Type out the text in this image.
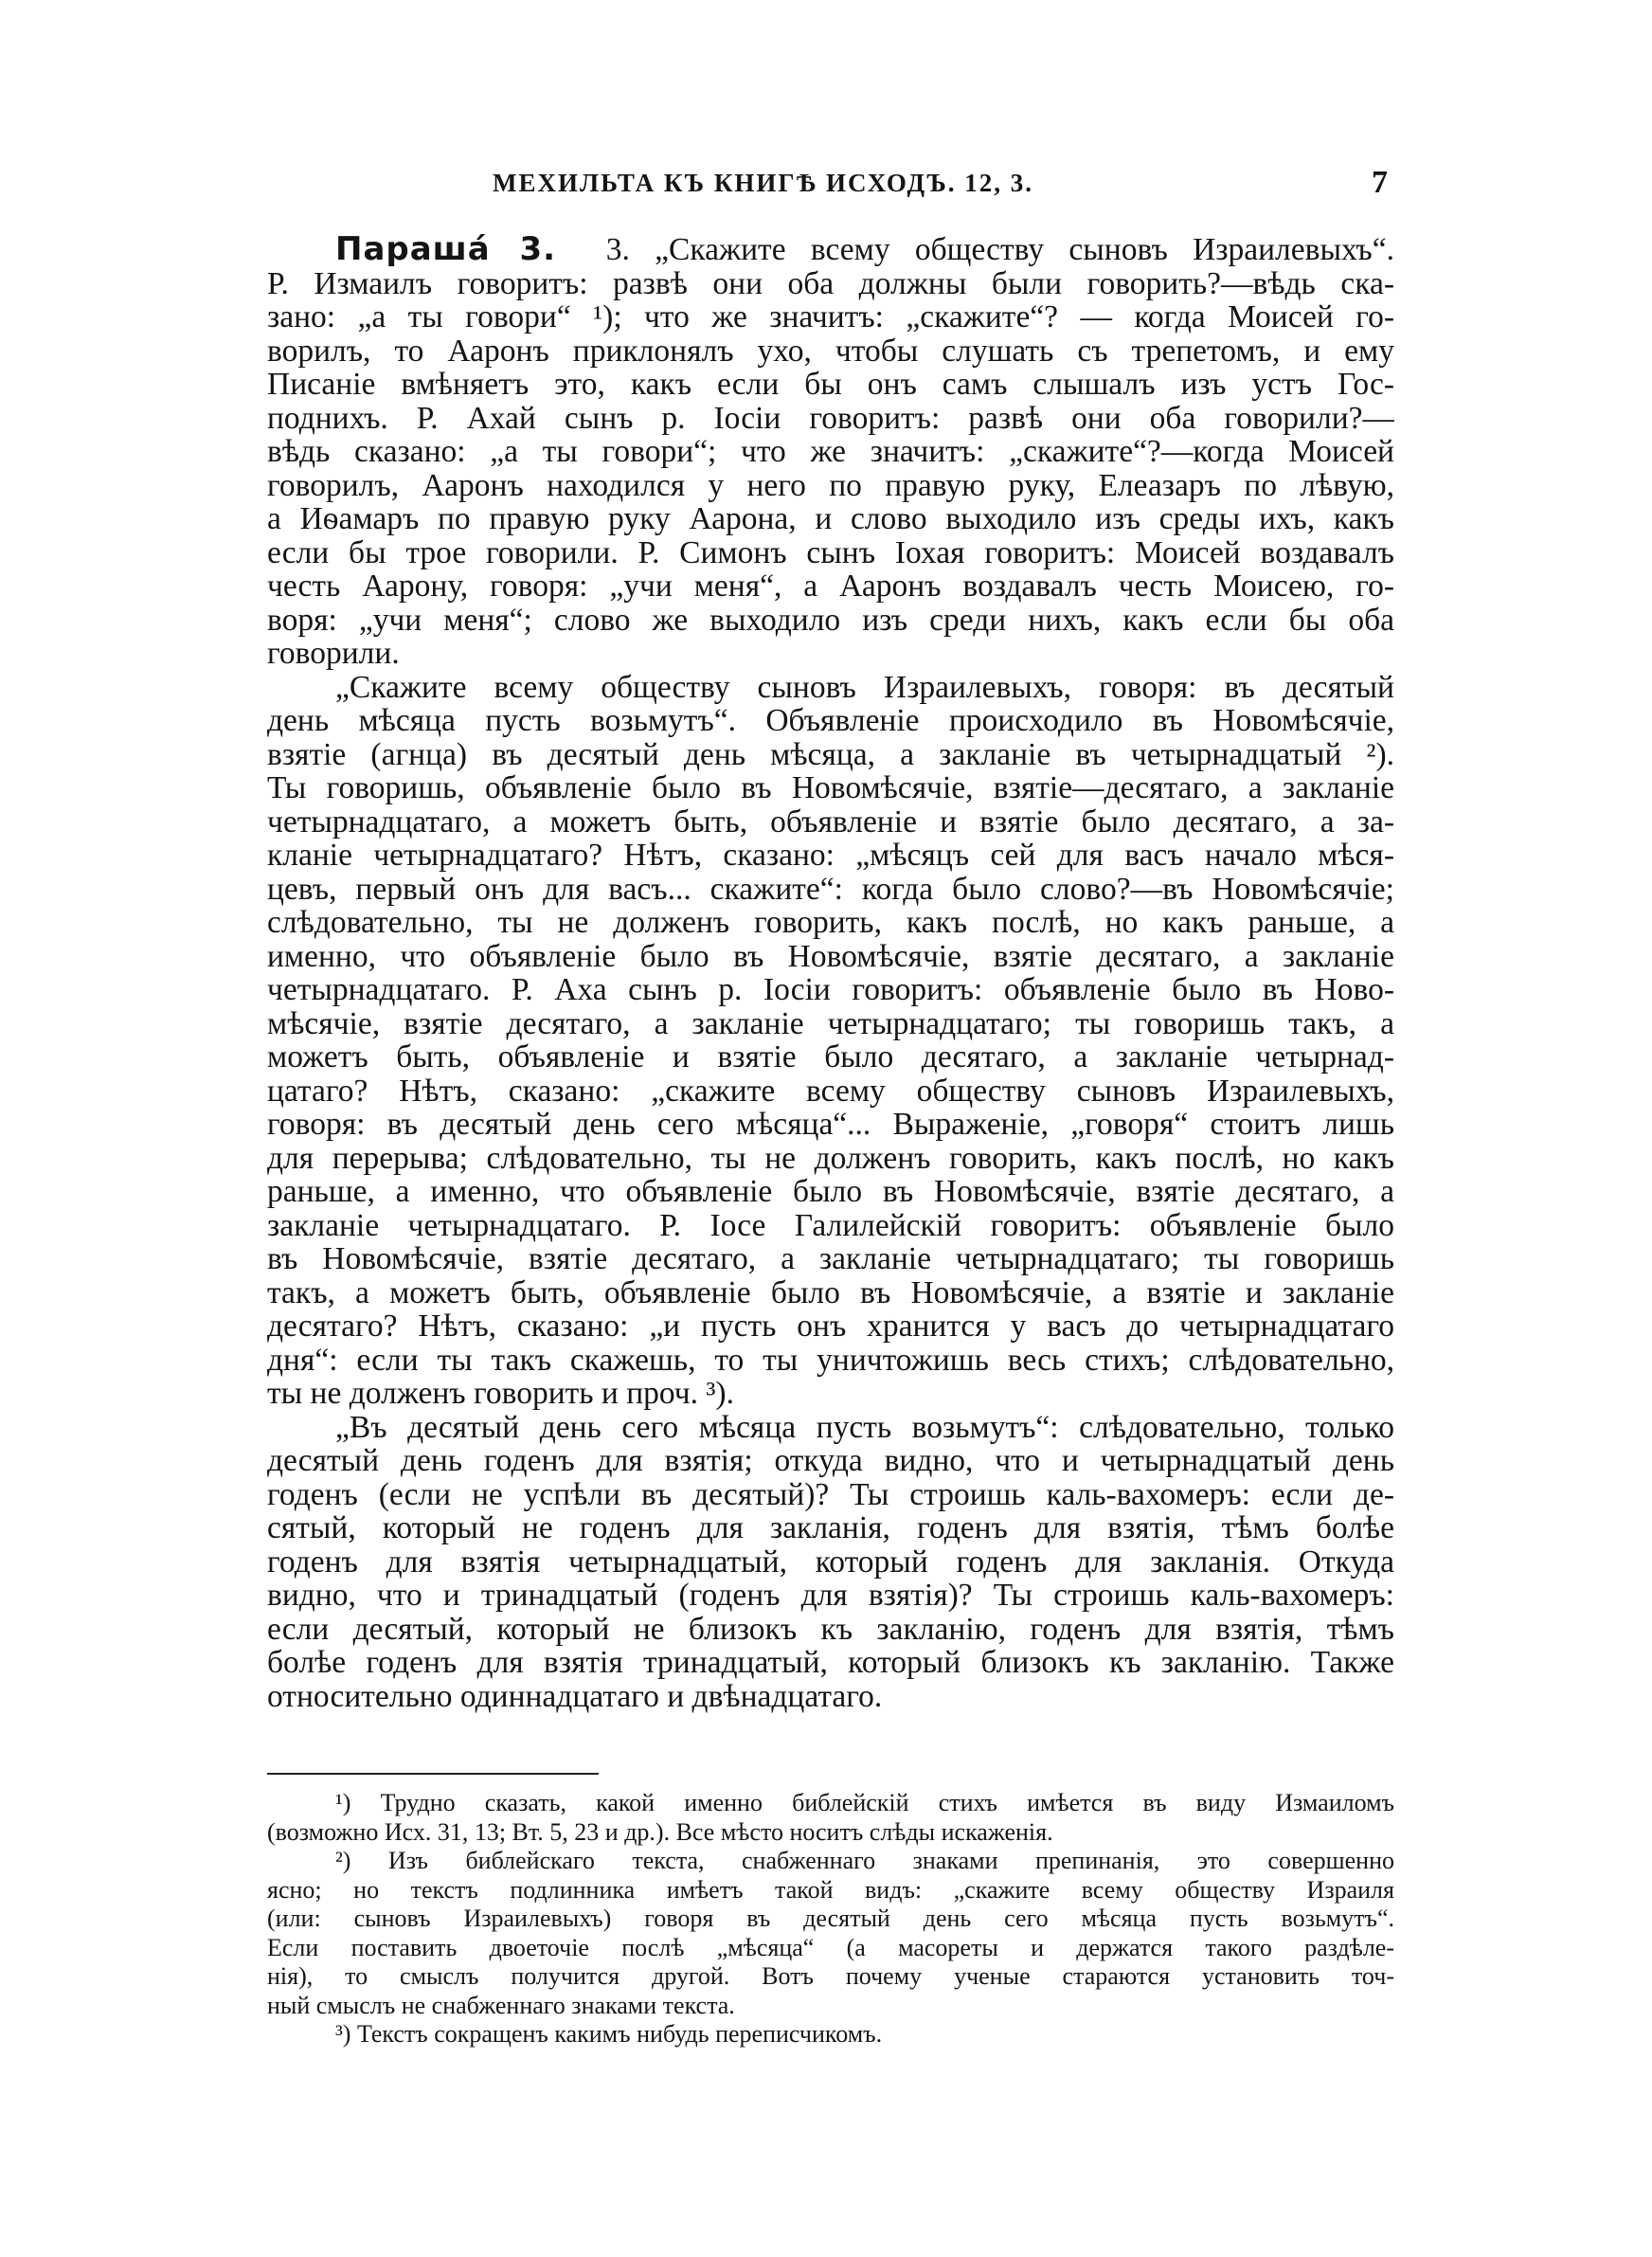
МЕХИЛЬТА КЪ КНИГѢ ИСХОДЪ. 12, 3.	7
Парашá 3. 3. „Скажите всему обществу сыновъ Израилевыхъ“.
Р. Измаилъ говоритъ: развѣ они оба должны были говорить?—вѣдь ска-
зано: „а ты говори“ ¹); что же значитъ: „скажите“? — когда Моисей го-
ворилъ, то Ааронъ приклонялъ ухо, чтобы слушать съ трепетомъ, и ему
Писаніе вмѣняетъ это, какъ если бы онъ самъ слышалъ изъ устъ Гос-
поднихъ. Р. Ахай сынъ р. Іосіи говоритъ: развѣ они оба говорили?—
вѣдь сказано: „а ты говори“; что же значитъ: „скажите“?—когда Моисей
говорилъ, Ааронъ находился у него по правую руку, Елеазаръ по лѣвую,
а Иѳамаръ по правую руку Аарона, и слово выходило изъ среды ихъ, какъ
если бы трое говорили. Р. Симонъ сынъ Іохая говоритъ: Моисей воздавалъ
честь Аарону, говоря: „учи меня“, а Ааронъ воздавалъ честь Моисею, го-
воря: „учи меня“; слово же выходило изъ среди нихъ, какъ если бы оба
говорили.
„Скажите всему обществу сыновъ Израилевыхъ, говоря: въ десятый
день мѣсяца пусть возьмутъ“. Объявленіе происходило въ Новомѣсячіе,
взятіе (агнца) въ десятый день мѣсяца, а закланіе въ четырнадцатый ²).
Ты говоришь, объявленіе было въ Новомѣсячіе, взятіе—десятаго, а закланіе
четырнадцатаго, а можетъ быть, объявленіе и взятіе было десятаго, а за-
кланіе четырнадцатаго? Нѣтъ, сказано: „мѣсяцъ сей для васъ начало мѣся-
цевъ, первый онъ для васъ... скажите“: когда было слово?—въ Новомѣсячіе;
слѣдовательно, ты не долженъ говорить, какъ послѣ, но какъ раньше, а
именно, что объявленіе было въ Новомѣсячіе, взятіе десятаго, а закланіе
четырнадцатаго. Р. Аха сынъ р. Іосіи говоритъ: объявленіе было въ Ново-
мѣсячіе, взятіе десятаго, а закланіе четырнадцатаго; ты говоришь такъ, а
можетъ быть, объявленіе и взятіе было десятаго, а закланіе четырнад-
цатаго? Нѣтъ, сказано: „скажите всему обществу сыновъ Израилевыхъ,
говоря: въ десятый день сего мѣсяца“... Выраженіе, „говоря“ стоитъ лишь
для перерыва; слѣдовательно, ты не долженъ говорить, какъ послѣ, но какъ
раньше, а именно, что объявленіе было въ Новомѣсячіе, взятіе десятаго, а
закланіе четырнадцатаго. Р. Іосе Галилейскій говоритъ: объявленіе было
въ Новомѣсячіе, взятіе десятаго, а закланіе четырнадцатаго; ты говоришь
такъ, а можетъ быть, объявленіе было въ Новомѣсячіе, а взятіе и закланіе
десятаго? Нѣтъ, сказано: „и пусть онъ хранится у васъ до четырнадцатаго
дня“: если ты такъ скажешь, то ты уничтожишь весь стихъ; слѣдовательно,
ты не долженъ говорить и проч. ³).
„Въ десятый день сего мѣсяца пусть возьмутъ“: слѣдовательно, только
десятый день годенъ для взятія; откуда видно, что и четырнадцатый день
годенъ (если не успѣли въ десятый)? Ты строишь каль-вахомеръ: если де-
сятый, который не годенъ для закланія, годенъ для взятія, тѣмъ болѣе
годенъ для взятія четырнадцатый, который годенъ для закланія. Откуда
видно, что и тринадцатый (годенъ для взятія)? Ты строишь каль-вахомеръ:
если десятый, который не близокъ къ закланію, годенъ для взятія, тѣмъ
болѣе годенъ для взятія тринадцатый, который близокъ къ закланію. Также
относительно одиннадцатаго и двѣнадцатаго.
¹) Трудно сказать, какой именно библейскій стихъ имѣется въ виду Измаиломъ
(возможно Исх. 31, 13; Вт. 5, 23 и др.). Все мѣсто носитъ слѣды искаженія.
²) Изъ библейскаго текста, снабженнаго знаками препинанія, это совершенно
ясно; но текстъ подлинника имѣетъ такой видъ: „скажите всему обществу Израиля
(или: сыновъ Израилевыхъ) говоря въ десятый день сего мѣсяца пусть возьмутъ“.
Если поставить двоеточіе послѣ „мѣсяца“ (а масореты и держатся такого раздѣле-
нія), то смыслъ получится другой. Вотъ почему ученые стараются установить точ-
ный смыслъ не снабженнаго знаками текста.
³) Текстъ сокращенъ какимъ нибудь переписчикомъ.
